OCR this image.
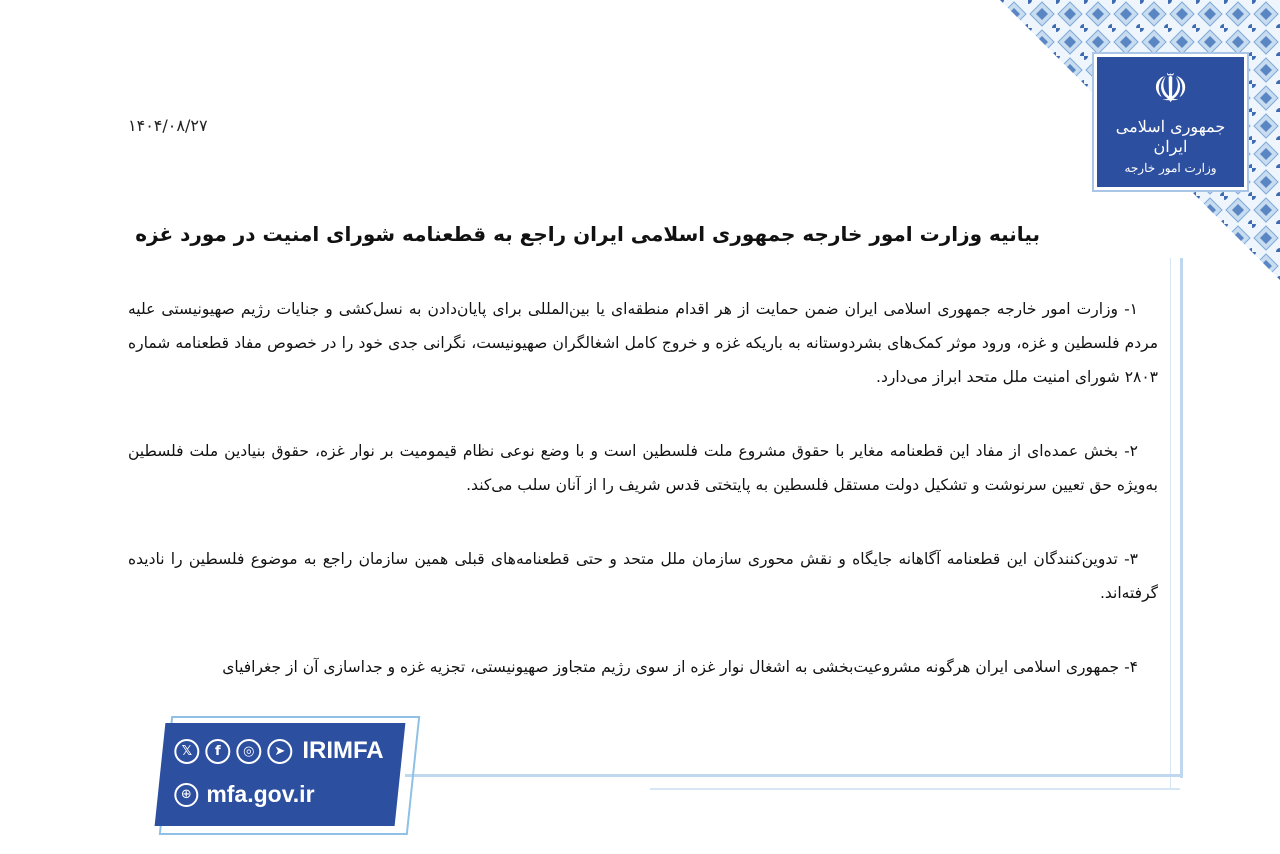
☫
جمهوری اسلامی ایران
وزارت امور خارجه
۱۴۰۴/۰۸/۲۷
بیانیه وزارت امور خارجه جمهوری اسلامی ایران راجع به قطعنامه شورای امنیت در مورد غزه

۱- وزارت امور خارجه جمهوری اسلامی ایران ضمن حمایت از هر اقدام منطقه‌ای یا بین‌المللی برای پایان‌دادن به نسل‌کشی و جنایات رژیم صهیونیستی علیه مردم فلسطین و غزه، ورود موثر کمک‌های بشردوستانه به باریکه غزه و خروج کامل اشغالگران صهیونیست، نگرانی جدی خود را در خصوص مفاد قطعنامه شماره ۲۸۰۳ شورای امنیت ملل متحد ابراز می‌دارد.

۲- بخش عمده‌ای از مفاد این قطعنامه مغایر با حقوق مشروع ملت فلسطین است و با وضع نوعی نظام قیمومیت بر نوار غزه، حقوق بنیادین ملت فلسطین به‌ویژه حق تعیین سرنوشت و تشکیل دولت مستقل فلسطین به پایتختی قدس شریف را از آنان سلب می‌کند.

۳- تدوین‌کنندگان این قطعنامه آگاهانه جایگاه و نقش محوری سازمان ملل متحد و حتی قطعنامه‌های قبلی همین سازمان راجع به موضوع فلسطین را نادیده گرفته‌اند.

۴- جمهوری اسلامی ایران هرگونه مشروعیت‌بخشی به اشغال نوار غزه از سوی رژیم متجاوز صهیونیستی، تجزیه غزه و جداسازی آن از جغرافیای

𝕏	f	◎	➤ IRIMFA
⊕ mfa.gov.ir
